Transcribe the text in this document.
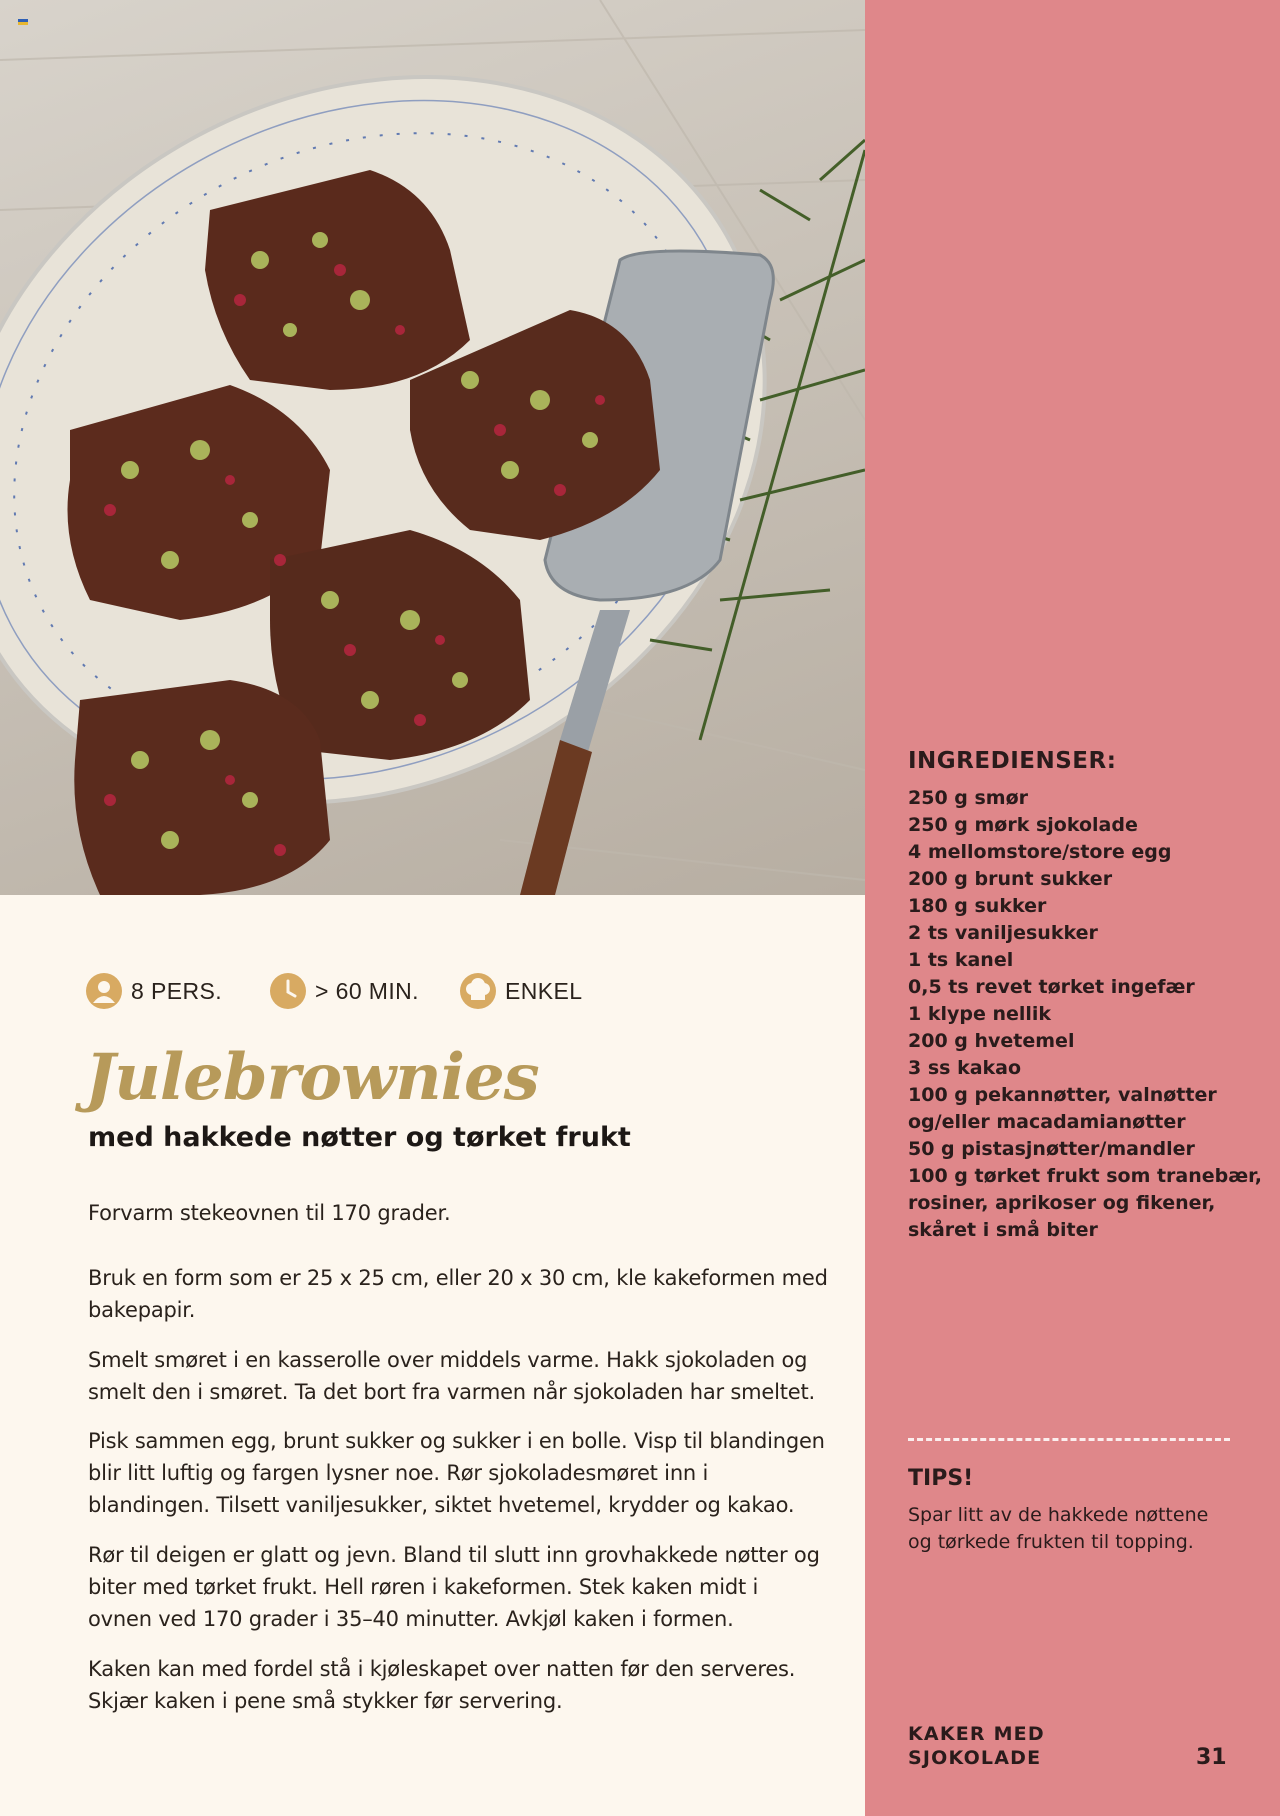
INGREDIENSER:
250 g smør
250 g mørk sjokolade
4 mellomstore/store egg
200 g brunt sukker
180 g sukker
2 ts vaniljesukker
1 ts kanel
0,5 ts revet tørket ingefær
1 klype nellik
200 g hvetemel
3 ss kakao
100 g pekannøtter, valnøtter
og/eller macadamianøtter
50 g pistasjnøtter/mandler
100 g tørket frukt som tranebær,
rosiner, aprikoser og fikener,
skåret i små biter
TIPS!

Spar litt av de hakkede nøttene og tørkede frukten til topping.

KAKER MED SJOKOLADE	31
8 PERS.	> 60 MIN.	ENKEL
Julebrownies
med hakkede nøtter og tørket frukt

Forvarm stekeovnen til 170 grader.

Bruk en form som er 25 x 25 cm, eller 20 x 30 cm, kle kakeformen med bakepapir.

Smelt smøret i en kasserolle over middels varme. Hakk sjokoladen og smelt den i smøret. Ta det bort fra varmen når sjokoladen har smeltet.

Pisk sammen egg, brunt sukker og sukker i en bolle. Visp til blandingen blir litt luftig og fargen lysner noe. Rør sjokoladesmøret inn i blandingen. Tilsett vaniljesukker, siktet hvetemel, krydder og kakao.

Rør til deigen er glatt og jevn. Bland til slutt inn grovhakkede nøtter og biter med tørket frukt. Hell røren i kakeformen. Stek kaken midt i ovnen ved 170 grader i 35–40 minutter. Avkjøl kaken i formen.

Kaken kan med fordel stå i kjøleskapet over natten før den serveres. Skjær kaken i pene små stykker før servering.
